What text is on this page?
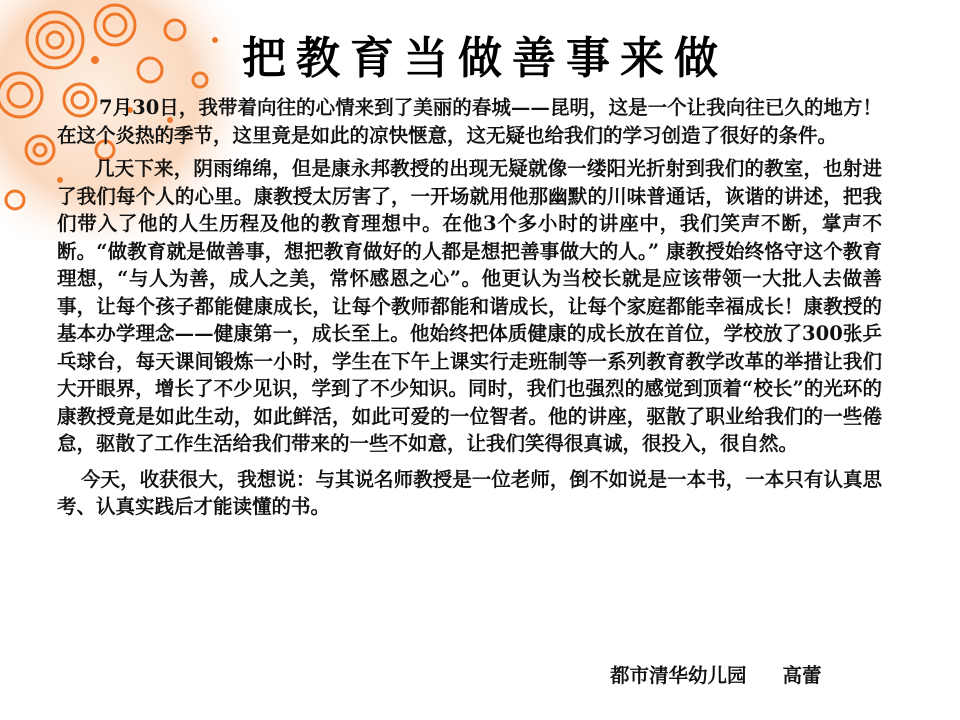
把教育当做善事来做

7月30日，我带着向往的心情来到了美丽的春城——昆明，这是一个让我向往已久的地方！在这个炎热的季节，这里竟是如此的凉快惬意，这无疑也给我们的学习创造了很好的条件。

几天下来，阴雨绵绵，但是康永邦教授的出现无疑就像一缕阳光折射到我们的教室，也射进了我们每个人的心里。康教授太厉害了，一开场就用他那幽默的川味普通话，诙谐的讲述，把我们带入了他的人生历程及他的教育理想中。在他3个多小时的讲座中，我们笑声不断，掌声不断。“做教育就是做善事，想把教育做好的人都是想把善事做大的人。” 康教授始终恪守这个教育理想，“与人为善，成人之美，常怀感恩之心”。他更认为当校长就是应该带领一大批人去做善事，让每个孩子都能健康成长，让每个教师都能和谐成长，让每个家庭都能幸福成长！康教授的基本办学理念——健康第一，成长至上。他始终把体质健康的成长放在首位，学校放了300张乒乓球台，每天课间锻炼一小时，学生在下午上课实行走班制等一系列教育教学改革的举措让我们大开眼界，增长了不少见识，学到了不少知识。同时，我们也强烈的感觉到顶着“校长”的光环的康教授竟是如此生动，如此鲜活，如此可爱的一位智者。他的讲座，驱散了职业给我们的一些倦怠，驱散了工作生活给我们带来的一些不如意，让我们笑得很真诚，很投入，很自然。

今天，收获很大，我想说：与其说名师教授是一位老师，倒不如说是一本书，一本只有认真思考、认真实践后才能读懂的书。

都市清华幼儿园 高蕾
